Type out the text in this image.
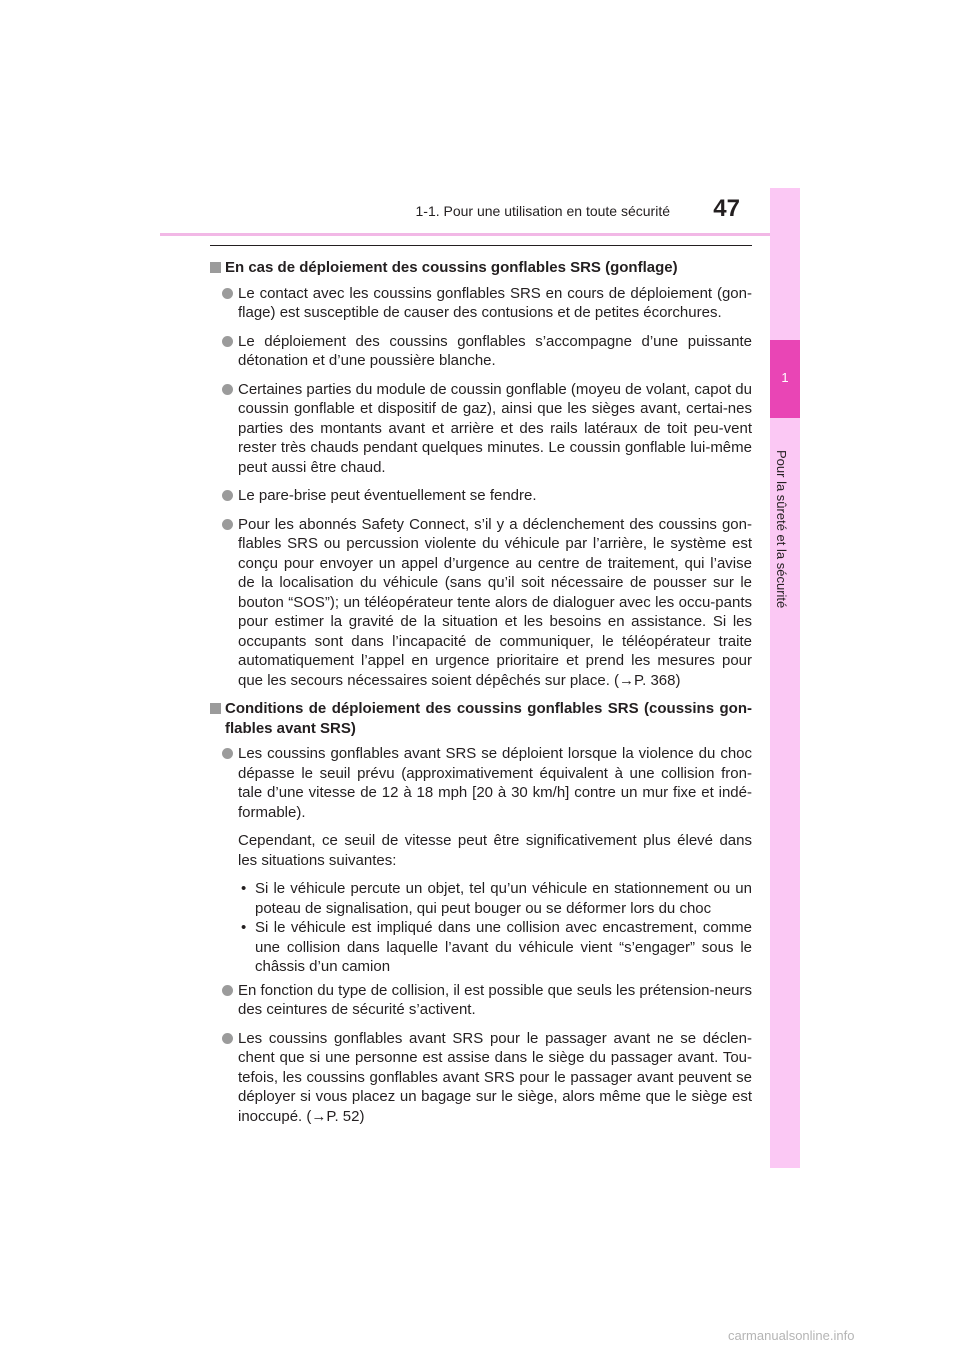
1-1. Pour une utilisation en toute sécurité	47
1
Pour la sûreté et la sécurité
En cas de déploiement des coussins gonflables SRS (gonflage)
Le contact avec les coussins gonflables SRS en cours de déploiement (gon-flage) est susceptible de causer des contusions et de petites écorchures.
Le déploiement des coussins gonflables s’accompagne d’une puissante détonation et d’une poussière blanche.
Certaines parties du module de coussin gonflable (moyeu de volant, capot du coussin gonflable et dispositif de gaz), ainsi que les sièges avant, certai-nes parties des montants avant et arrière et des rails latéraux de toit peu-vent rester très chauds pendant quelques minutes. Le coussin gonflable lui-même peut aussi être chaud.
Le pare-brise peut éventuellement se fendre.
Pour les abonnés Safety Connect, s’il y a déclenchement des coussins gon-flables SRS ou percussion violente du véhicule par l’arrière, le système est conçu pour envoyer un appel d’urgence au centre de traitement, qui l’avise de la localisation du véhicule (sans qu’il soit nécessaire de pousser sur le bouton “SOS”); un téléopérateur tente alors de dialoguer avec les occu-pants pour estimer la gravité de la situation et les besoins en assistance. Si les occupants sont dans l’incapacité de communiquer, le téléopérateur traite automatiquement l’appel en urgence prioritaire et prend les mesures pour que les secours nécessaires soient dépêchés sur place. (→P. 368)
Conditions de déploiement des coussins gonflables SRS (coussins gon-flables avant SRS)
Les coussins gonflables avant SRS se déploient lorsque la violence du choc dépasse le seuil prévu (approximativement équivalent à une collision fron-tale d’une vitesse de 12 à 18 mph [20 à 30 km/h] contre un mur fixe et indé-formable).
Cependant, ce seuil de vitesse peut être significativement plus élevé dans les situations suivantes:
• Si le véhicule percute un objet, tel qu’un véhicule en stationnement ou un poteau de signalisation, qui peut bouger ou se déformer lors du choc
• Si le véhicule est impliqué dans une collision avec encastrement, comme une collision dans laquelle l’avant du véhicule vient “s’engager” sous le châssis d’un camion
En fonction du type de collision, il est possible que seuls les prétension-neurs des ceintures de sécurité s’activent.
Les coussins gonflables avant SRS pour le passager avant ne se déclen-chent que si une personne est assise dans le siège du passager avant. Tou-tefois, les coussins gonflables avant SRS pour le passager avant peuvent se déployer si vous placez un bagage sur le siège, alors même que le siège est inoccupé. (→P. 52)
carmanualsonline.info
